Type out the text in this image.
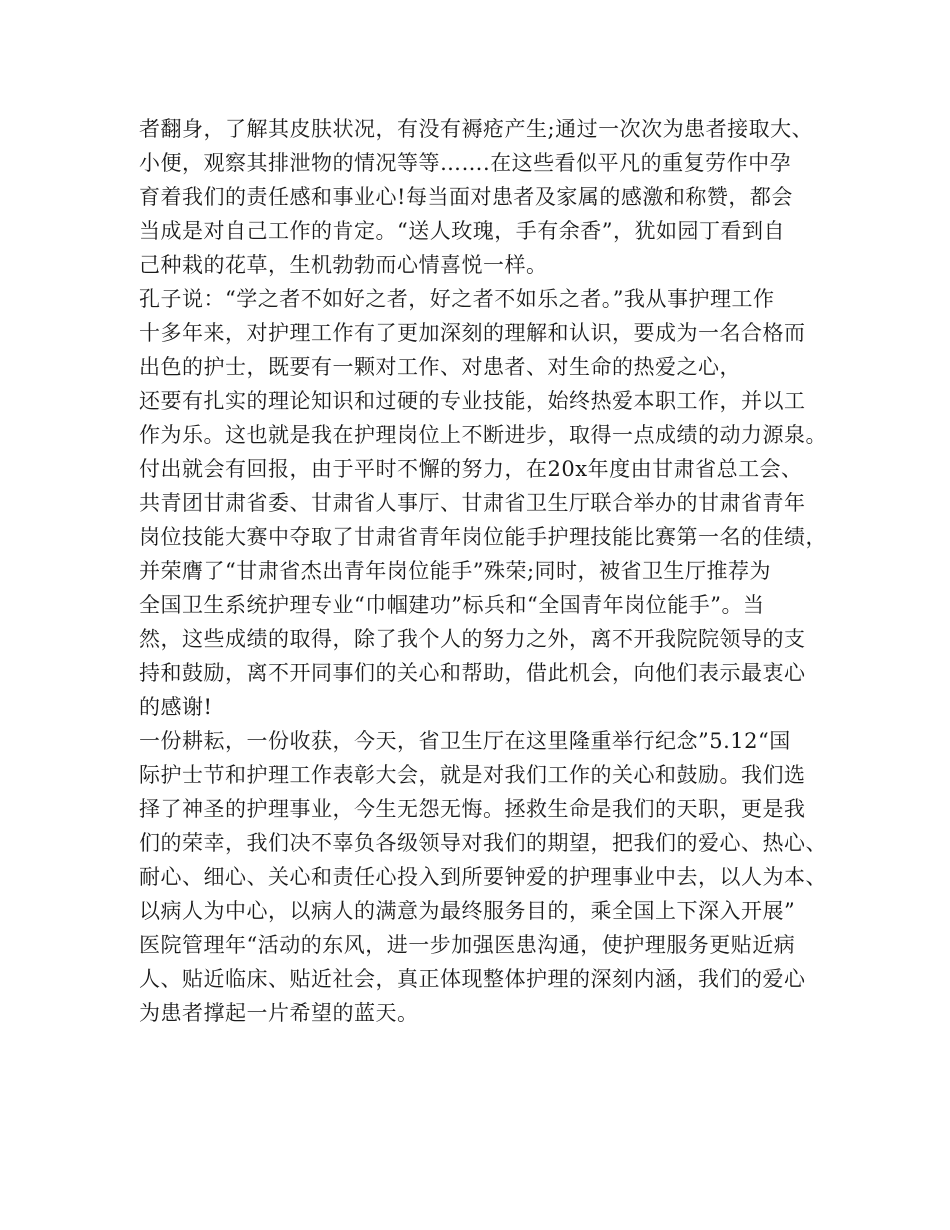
者翻身，了解其皮肤状况，有没有褥疮产生;通过一次次为患者接取大、
小便，观察其排泄物的情况等等…….在这些看似平凡的重复劳作中孕
育着我们的责任感和事业心!每当面对患者及家属的感激和称赞，都会
当成是对自己工作的肯定。“送人玫瑰，手有余香”，犹如园丁看到自
己种栽的花草，生机勃勃而心情喜悦一样。
孔子说：“学之者不如好之者，好之者不如乐之者。”我从事护理工作
十多年来，对护理工作有了更加深刻的理解和认识，要成为一名合格而
出色的护士，既要有一颗对工作、对患者、对生命的热爱之心，
还要有扎实的理论知识和过硬的专业技能，始终热爱本职工作，并以工
作为乐。这也就是我在护理岗位上不断进步，取得一点成绩的动力源泉。
付出就会有回报，由于平时不懈的努力，在20x年度由甘肃省总工会、
共青团甘肃省委、甘肃省人事厅、甘肃省卫生厅联合举办的甘肃省青年
岗位技能大赛中夺取了甘肃省青年岗位能手护理技能比赛第一名的佳绩，
并荣膺了“甘肃省杰出青年岗位能手”殊荣;同时，被省卫生厅推荐为
全国卫生系统护理专业“巾帼建功”标兵和“全国青年岗位能手”。当
然，这些成绩的取得，除了我个人的努力之外，离不开我院院领导的支
持和鼓励，离不开同事们的关心和帮助，借此机会，向他们表示最衷心
的感谢!
一份耕耘，一份收获，今天，省卫生厅在这里隆重举行纪念”5.12“国
际护士节和护理工作表彰大会，就是对我们工作的关心和鼓励。我们选
择了神圣的护理事业，今生无怨无悔。拯救生命是我们的天职，更是我
们的荣幸，我们决不辜负各级领导对我们的期望，把我们的爱心、热心、
耐心、细心、关心和责任心投入到所要钟爱的护理事业中去，以人为本、
以病人为中心，以病人的满意为最终服务目的，乘全国上下深入开展”
医院管理年“活动的东风，进一步加强医患沟通，使护理服务更贴近病
人、贴近临床、贴近社会，真正体现整体护理的深刻内涵，我们的爱心
为患者撑起一片希望的蓝天。
